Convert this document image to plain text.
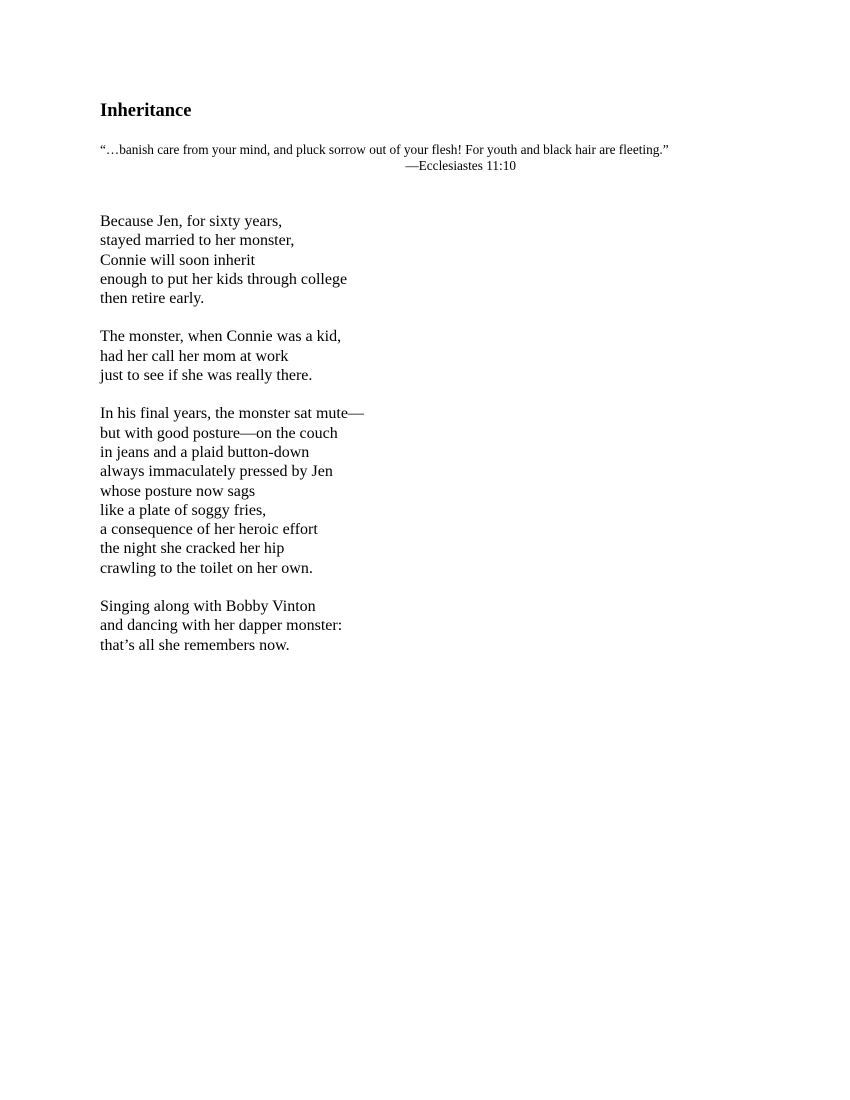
Inheritance
“…banish care from your mind, and pluck sorrow out of your flesh! For youth and black hair are fleeting.”
—Ecclesiastes 11:10
Because Jen, for sixty years,
stayed married to her monster,
Connie will soon inherit
enough to put her kids through college
then retire early.
The monster, when Connie was a kid,
had her call her mom at work
just to see if she was really there.
In his final years, the monster sat mute—
but with good posture—on the couch
in jeans and a plaid button-down
always immaculately pressed by Jen
whose posture now sags
like a plate of soggy fries,
a consequence of her heroic effort
the night she cracked her hip
crawling to the toilet on her own.
Singing along with Bobby Vinton
and dancing with her dapper monster:
that’s all she remembers now.
